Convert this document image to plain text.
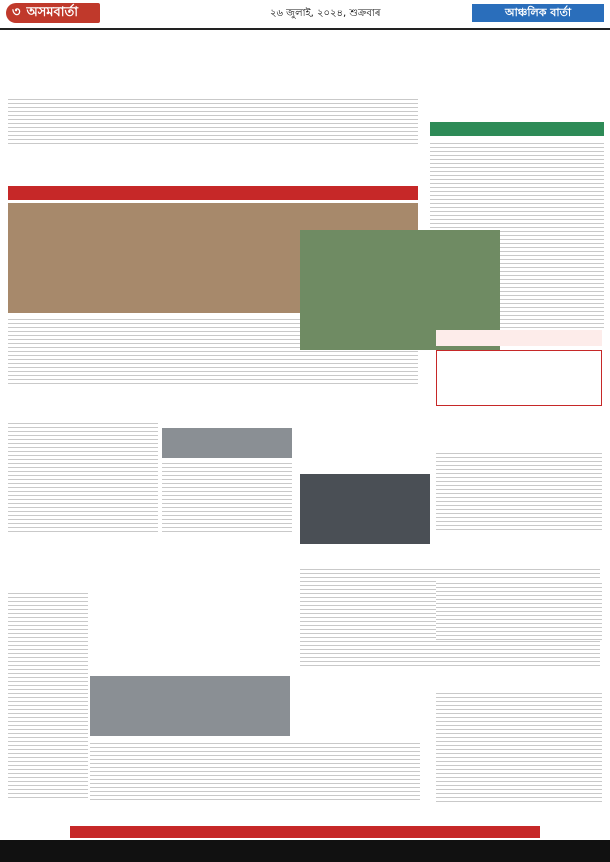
৩ অসমবাৰ্তা	২৬ জুলাই, ২০২৪, শুক্ৰবাৰ	আঞ্চলিক বাৰ্তা
